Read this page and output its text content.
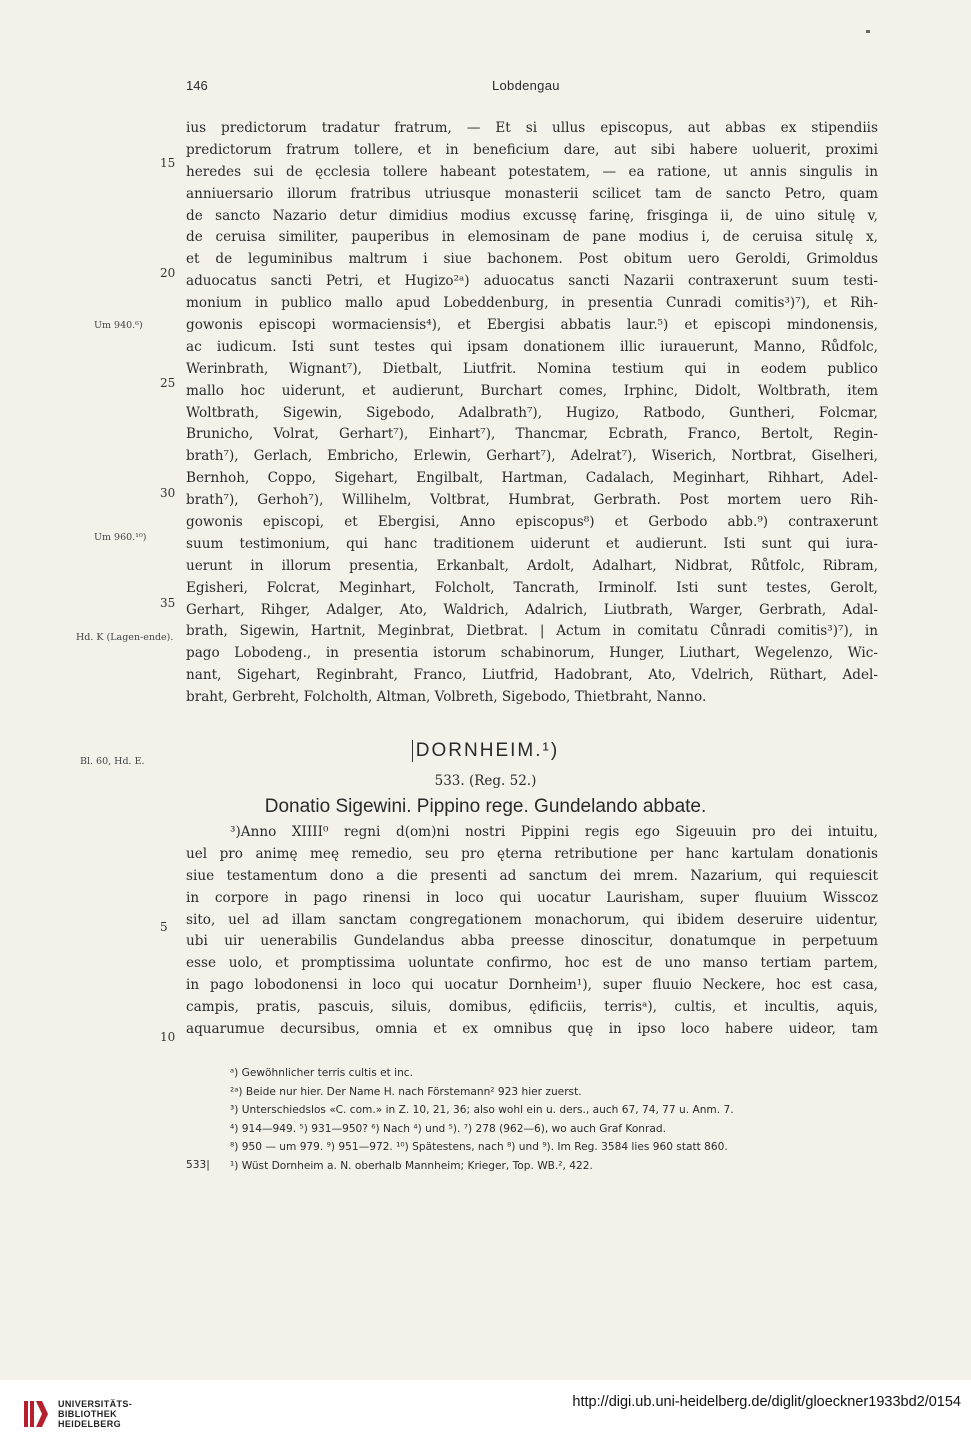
146	Lobdengau
15
20
25
30
35
Um 940.⁶)
Um 960.¹⁰)
Hd. K (Lagen-ende).
Bl. 60, Hd. E.
ius predictorum tradatur fratrum, — Et si ullus episcopus, aut abbas ex stipendiis
predictorum fratrum tollere, et in beneficium dare, aut sibi habere uoluerit, proximi
heredes sui de ęcclesia tollere habeant potestatem, — ea ratione, ut annis singulis in
anniuersario illorum fratribus utriusque monasterii scilicet tam de sancto Petro, quam
de sancto Nazario detur dimidius modius excussę farinę, frisginga ii, de uino situlę v,
de ceruisa similiter, pauperibus in elemosinam de pane modius i, de ceruisa situlę x,
et de leguminibus maltrum i siue bachonem. Post obitum uero Geroldi, Grimoldus
aduocatus sancti Petri, et Hugizo²ᵃ) aduocatus sancti Nazarii contraxerunt suum testi-
monium in publico mallo apud Lobeddenburg, in presentia Cunradi comitis³)⁷), et Rih-
gowonis episcopi wormaciensis⁴), et Ebergisi abbatis laur.⁵) et episcopi mindonensis,
ac iudicum. Isti sunt testes qui ipsam donationem illic iurauerunt, Manno, Růdfolc,
Werinbrath, Wignant⁷), Dietbalt, Liutfrit. Nomina testium qui in eodem publico
mallo hoc uiderunt, et audierunt, Burchart comes, Irphinc, Didolt, Woltbrath, item
Woltbrath, Sigewin, Sigebodo, Adalbrath⁷), Hugizo, Ratbodo, Guntheri, Folcmar,
Brunicho, Volrat, Gerhart⁷), Einhart⁷), Thancmar, Ecbrath, Franco, Bertolt, Regin-
brath⁷), Gerlach, Embricho, Erlewin, Gerhart⁷), Adelrat⁷), Wiserich, Nortbrat, Giselheri,
Bernhoh, Coppo, Sigehart, Engilbalt, Hartman, Cadalach, Meginhart, Rihhart, Adel-
brath⁷), Gerhoh⁷), Willihelm, Voltbrat, Humbrat, Gerbrath. Post mortem uero Rih-
gowonis episcopi, et Ebergisi, Anno episcopus⁸) et Gerbodo abb.⁹) contraxerunt
suum testimonium, qui hanc traditionem uiderunt et audierunt. Isti sunt qui iura-
uerunt in illorum presentia, Erkanbalt, Ardolt, Adalhart, Nidbrat, Růtfolc, Ribram,
Egisheri, Folcrat, Meginhart, Folcholt, Tancrath, Irminolf. Isti sunt testes, Gerolt,
Gerhart, Rihger, Adalger, Ato, Waldrich, Adalrich, Liutbrath, Warger, Gerbrath, Adal-
brath, Sigewin, Hartnit, Meginbrat, Dietbrat. | Actum in comitatu Cůnradi comitis³)⁷), in
pago Lobodeng., in presentia istorum schabinorum, Hunger, Liuthart, Wegelenzo, Wic-
nant, Sigehart, Reginbraht, Franco, Liutfrid, Hadobrant, Ato, Vdelrich, Rüthart, Adel-
braht, Gerbreht, Folcholth, Altman, Volbreth, Sigebodo, Thietbraht, Nanno.
DORNHEIM.¹)
533. (Reg. 52.)
Donatio Sigewini. Pippino rege. Gundelando abbate.
5
10
³)Anno XIIII⁰ regni d(om)ni nostri Pippini regis ego Sigeuuin pro dei intuitu,
uel pro animę meę remedio, seu pro ęterna retributione per hanc kartulam donationis
siue testamentum dono a die presenti ad sanctum dei mrem. Nazarium, qui requiescit
in corpore in pago rinensi in loco qui uocatur Laurisham, super fluuium Wisscoz
sito, uel ad illam sanctam congregationem monachorum, qui ibidem deseruire uidentur,
ubi uir uenerabilis Gundelandus abba preesse dinoscitur, donatumque in perpetuum
esse uolo, et promptissima uoluntate confirmo, hoc est de uno manso tertiam partem,
in pago lobodonensi in loco qui uocatur Dornheim¹), super fluuio Neckere, hoc est casa,
campis, pratis, pascuis, siluis, domibus, ędificiis, terrisᵃ), cultis, et incultis, aquis,
aquarumue decursibus, omnia et ex omnibus quę in ipso loco habere uideor, tam
ᵃ) Gewöhnlicher terris cultis et inc.
²ᵃ) Beide nur hier. Der Name H. nach Förstemann² 923 hier zuerst.
³) Unterschiedslos «C. com.» in Z. 10, 21, 36; also wohl ein u. ders., auch 67, 74, 77 u. Anm. 7.
⁴) 914—949. ⁵) 931—950? ⁶) Nach ⁴) und ⁵). ⁷) 278 (962—6), wo auch Graf Konrad.
⁸) 950 — um 979. ⁹) 951—972. ¹⁰) Spätestens, nach ⁸) und ⁹). Im Reg. 3584 lies 960 statt 860.
¹) Wüst Dornheim a. N. oberhalb Mannheim; Krieger, Top. WB.², 422.
533|
UNIVERSITÄTS-
BIBLIOTHEK
HEIDELBERG
http://digi.ub.uni-heidelberg.de/diglit/gloeckner1933bd2/0154
